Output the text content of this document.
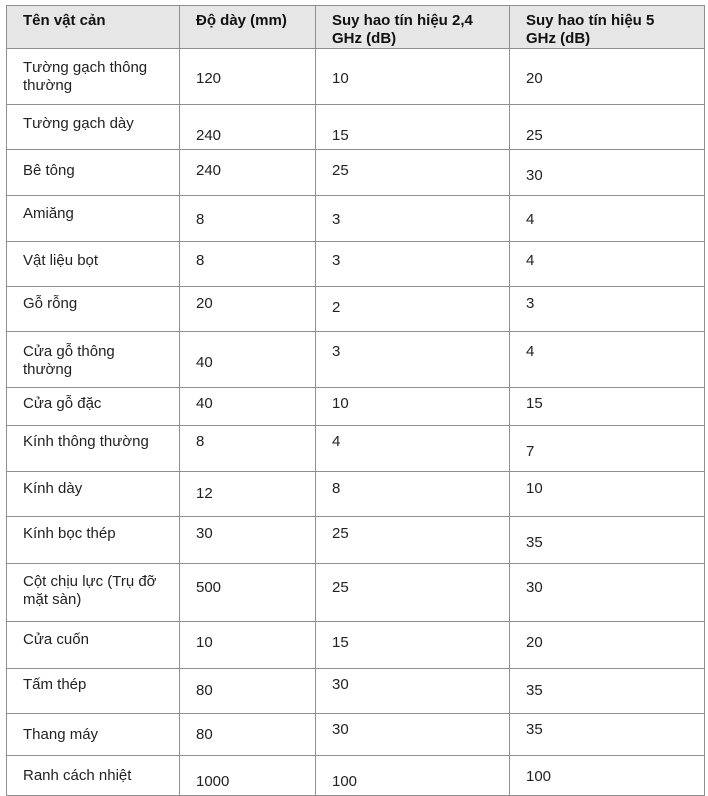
Tên vật cản	Độ dày (mm)	Suy hao tín hiệu 2,4 GHz (dB)	Suy hao tín hiệu 5 GHz (dB)

Tường gạch thông thường	120	10	20

Tường gạch dày	240	15	25

Bê tông	240	25	30

Amiăng	8	3	4

Vật liệu bọt	8	3	4

Gỗ rỗng	20	2	3

Cửa gỗ thông thường	40	3	4

Cửa gỗ đặc	40	10	15

Kính thông thường	8	4	7

Kính dày	12	8	10

Kính bọc thép	30	25	35

Cột chịu lực (Trụ đỡ mặt sàn)	500	25	30

Cửa cuốn	10	15	20

Tấm thép	80	30	35

Thang máy	80	30	35

Ranh cách nhiệt	1000	100	100
